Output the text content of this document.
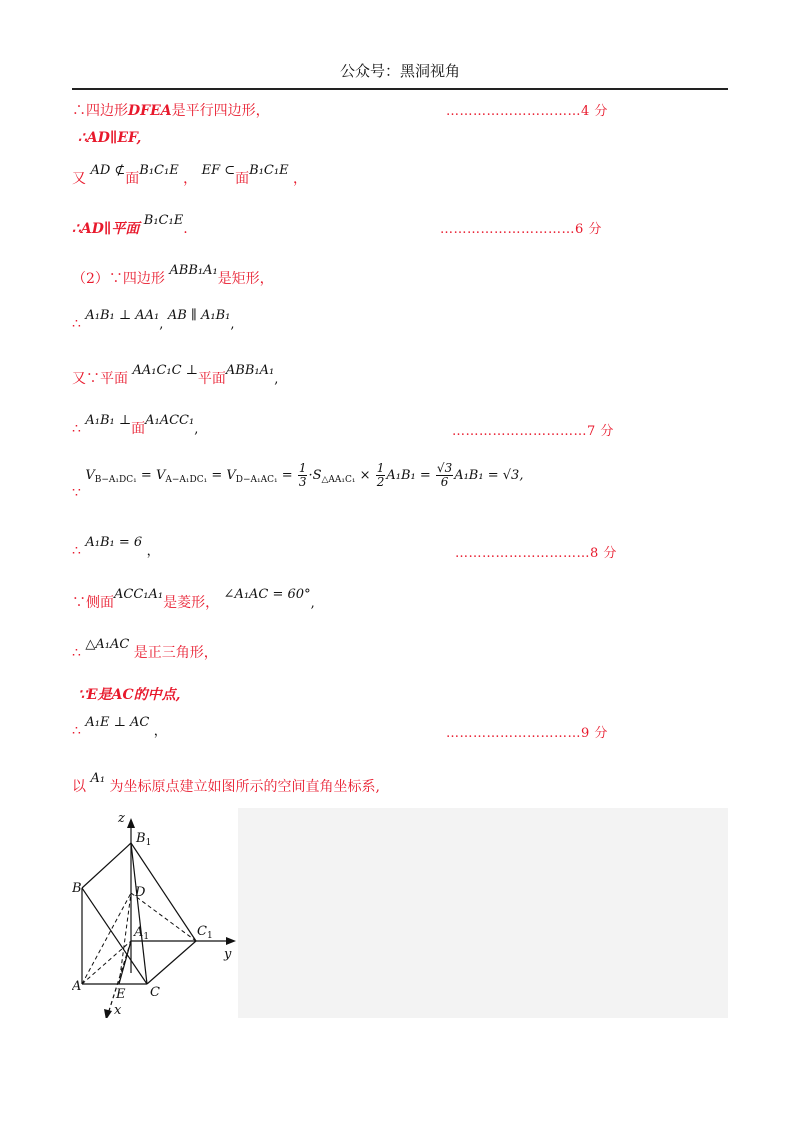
公众号：黑洞视角
∴四边形DFEA是平行四边形，	…………………………4 分
∴AD∥EF,
又 AD ⊄面B₁C₁E ， EF ⊂面B₁C₁E ，
∴AD∥平面 B₁C₁E.	…………………………6 分
（2）∵四边形 ABB₁A₁是矩形，
∴ A₁B₁ ⊥ AA₁, AB ∥ A₁B₁,
又∵平面 AA₁C₁C ⊥平面ABB₁A₁,
∴ A₁B₁ ⊥面A₁ACC₁,	…………………………7 分
∵ $V_{B-A_1DC_1} = V_{A-A_1DC_1} = V_{D-A_1AC_1} = \frac{1}{3} \cdot S_{\triangle AA_1C_1} \times \frac{1}{2} A_1B_1 = \frac{√3}{6} A_1B_1 = √3$,
∴ A₁B₁ = 6 ，	…………………………8 分
∵侧面ACC₁A₁是菱形， ∠A₁AC = 60°,
∴ △A₁AC 是正三角形，
∵E是AC的中点,
∴ A₁E ⊥ AC ，	…………………………9 分
以 A₁ 为坐标原点建立如图所示的空间直角坐标系,
z
$B_1$
B	D
$A_1$	$C_1$
y
A
E C
x
